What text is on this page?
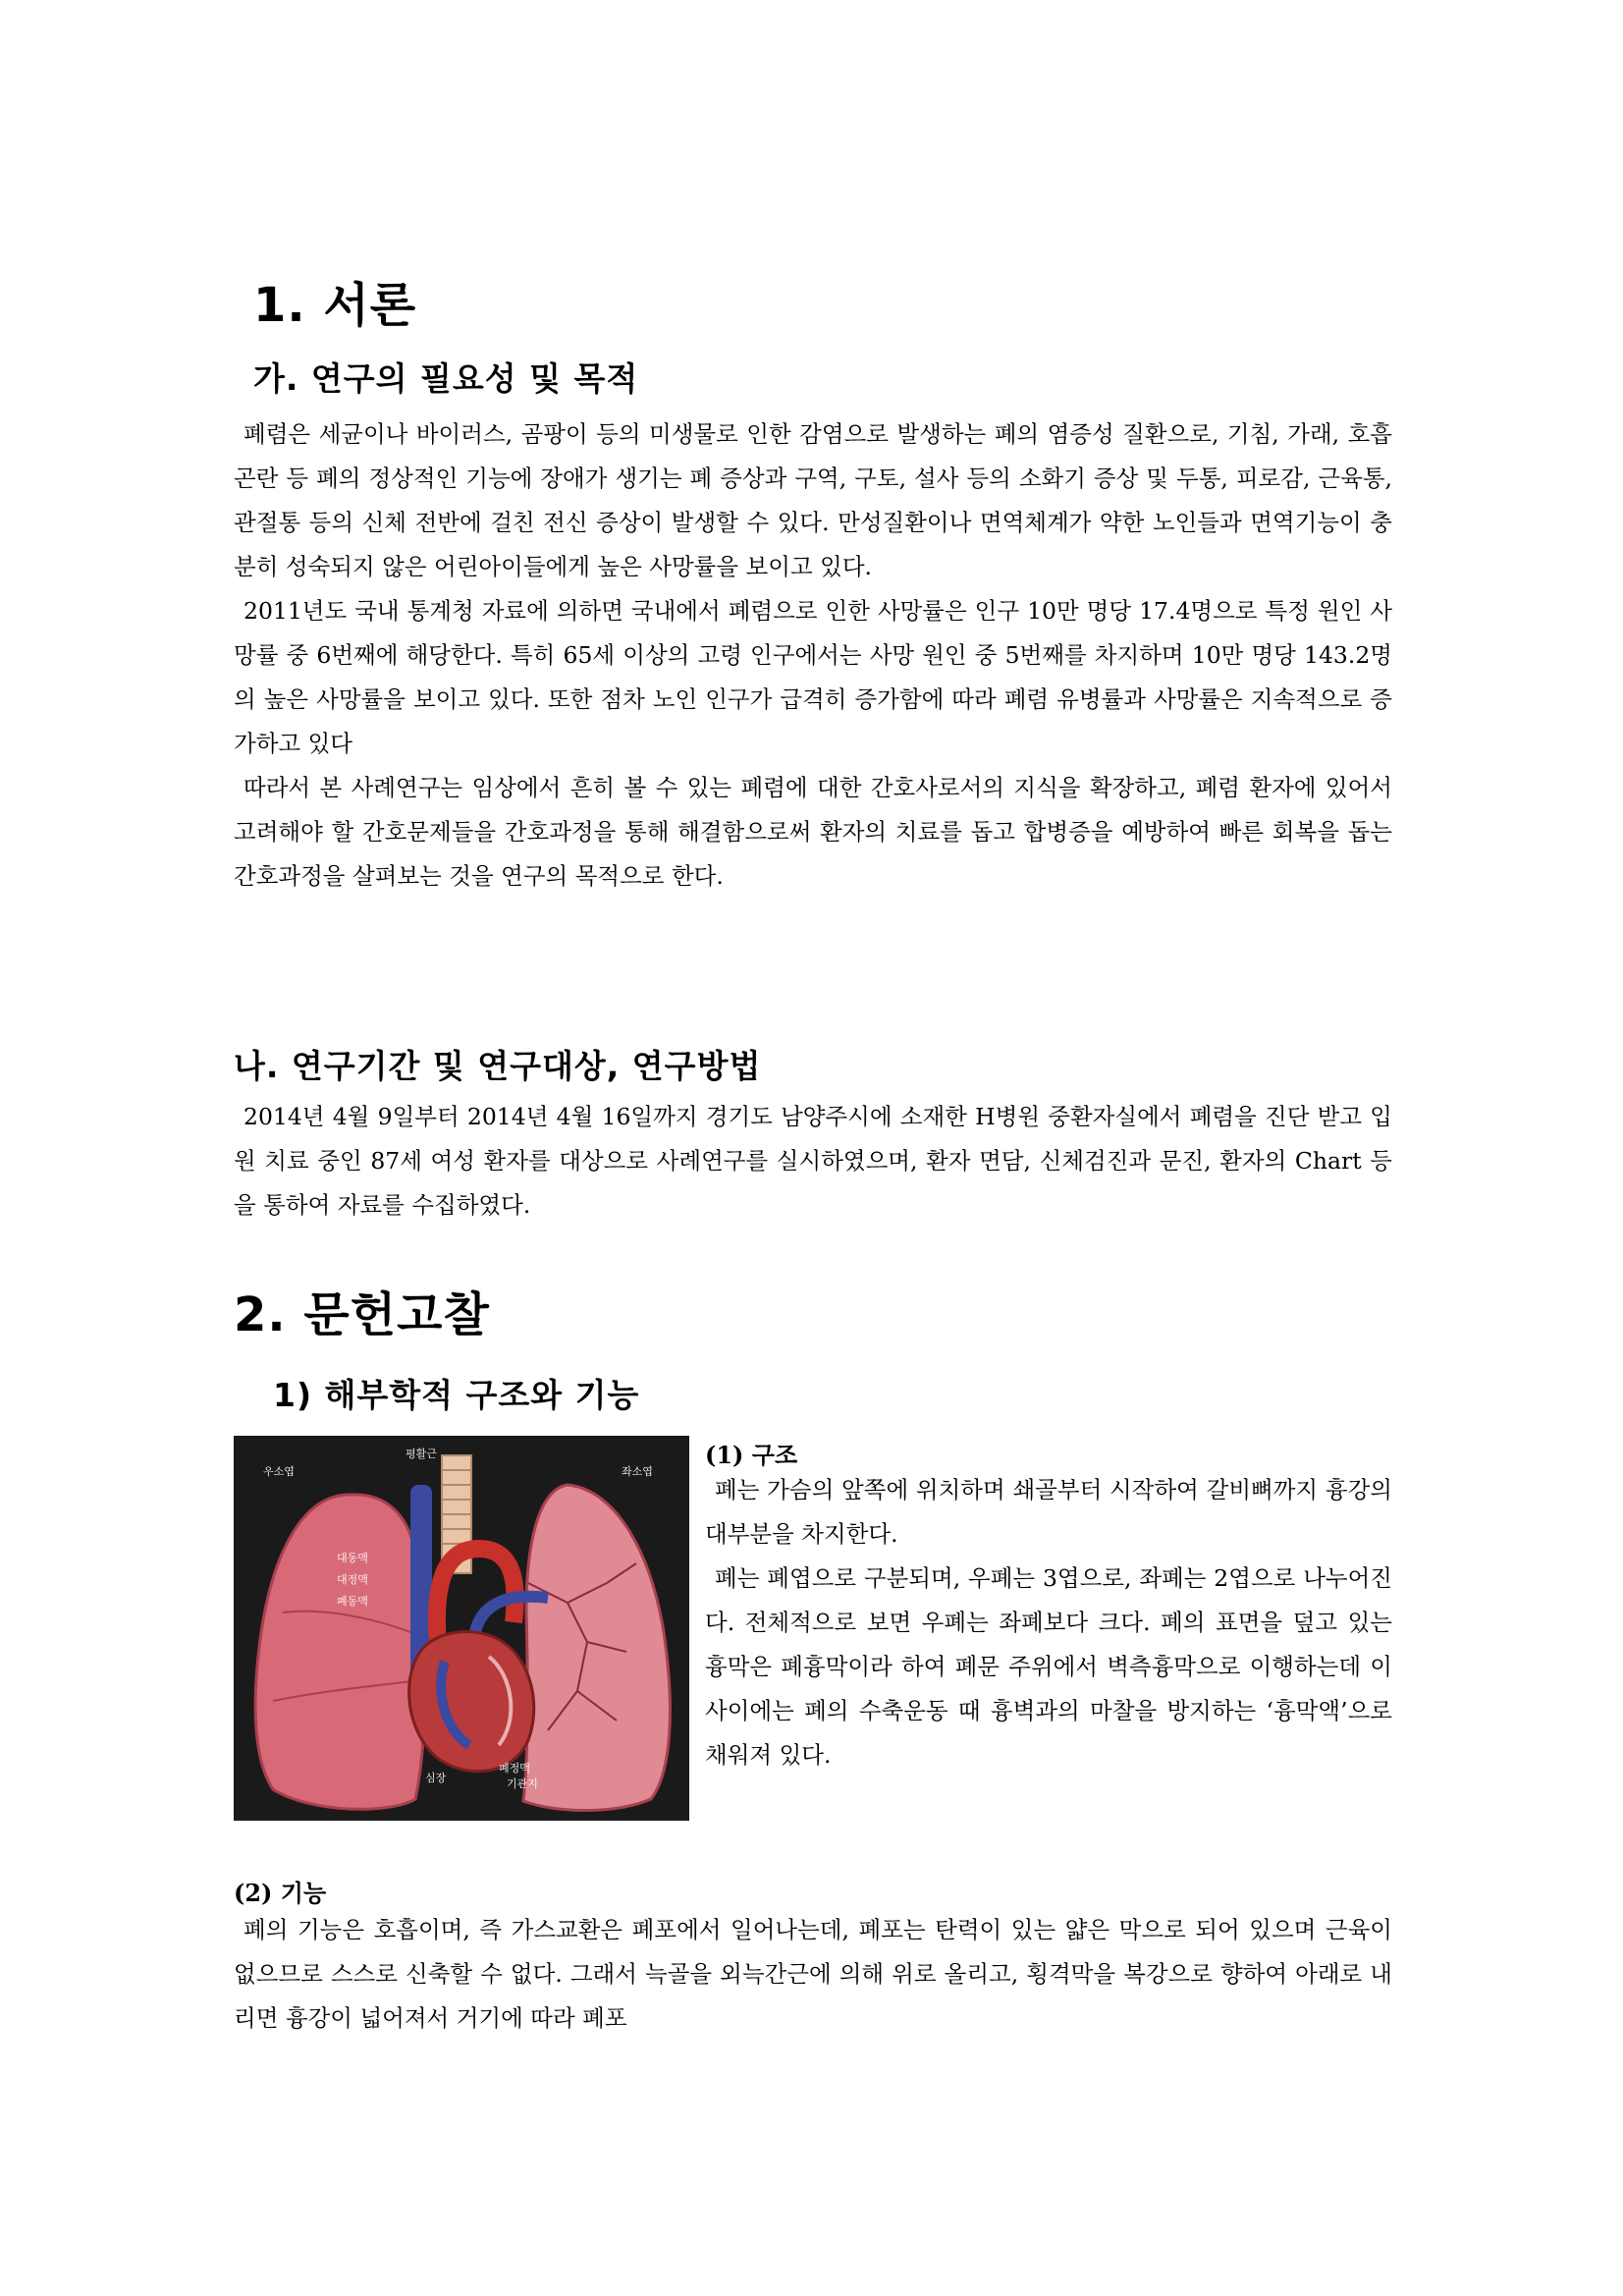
1. 서론
가. 연구의 필요성 및 목적

폐렴은 세균이나 바이러스, 곰팡이 등의 미생물로 인한 감염으로 발생하는 폐의 염증성 질환으로, 기침, 가래, 호흡곤란 등 폐의 정상적인 기능에 장애가 생기는 폐 증상과 구역, 구토, 설사 등의 소화기 증상 및 두통, 피로감, 근육통, 관절통 등의 신체 전반에 걸친 전신 증상이 발생할 수 있다. 만성질환이나 면역체계가 약한 노인들과 면역기능이 충분히 성숙되지 않은 어린아이들에게 높은 사망률을 보이고 있다.

2011년도 국내 통계청 자료에 의하면 국내에서 폐렴으로 인한 사망률은 인구 10만 명당 17.4명으로 특정 원인 사망률 중 6번째에 해당한다. 특히 65세 이상의 고령 인구에서는 사망 원인 중 5번째를 차지하며 10만 명당 143.2명의 높은 사망률을 보이고 있다. 또한 점차 노인 인구가 급격히 증가함에 따라 폐렴 유병률과 사망률은 지속적으로 증가하고 있다

따라서 본 사례연구는 임상에서 흔히 볼 수 있는 폐렴에 대한 간호사로서의 지식을 확장하고, 폐렴 환자에 있어서 고려해야 할 간호문제들을 간호과정을 통해 해결함으로써 환자의 치료를 돕고 합병증을 예방하여 빠른 회복을 돕는 간호과정을 살펴보는 것을 연구의 목적으로 한다.

나. 연구기간 및 연구대상, 연구방법

2014년 4월 9일부터 2014년 4월 16일까지 경기도 남양주시에 소재한 H병원 중환자실에서 폐렴을 진단 받고 입원 치료 중인 87세 여성 환자를 대상으로 사례연구를 실시하였으며, 환자 면담, 신체검진과 문진, 환자의 Chart 등을 통하여 자료를 수집하였다.

2. 문헌고찰
1) 해부학적 구조와 기능
우소엽	좌소엽
평활근
대동맥
대정맥
폐동맥
심장
폐정맥
기관지
(1) 구조

폐는 가슴의 앞쪽에 위치하며 쇄골부터 시작하여 갈비뼈까지 흉강의 대부분을 차지한다.

폐는 폐엽으로 구분되며, 우폐는 3엽으로, 좌폐는 2엽으로 나누어진다. 전체적으로 보면 우폐는 좌폐보다 크다. 폐의 표면을 덮고 있는 흉막은 폐흉막이라 하여 폐문 주위에서 벽측흉막으로 이행하는데 이 사이에는 폐의 수축운동 때 흉벽과의 마찰을 방지하는 ‘흉막액’으로 채워져 있다.

(2) 기능

폐의 기능은 호흡이며, 즉 가스교환은 폐포에서 일어나는데, 폐포는 탄력이 있는 얇은 막으로 되어 있으며 근육이 없으므로 스스로 신축할 수 없다. 그래서 늑골을 외늑간근에 의해 위로 올리고, 횡격막을 복강으로 향하여 아래로 내리면 흉강이 넓어져서 거기에 따라 폐포
